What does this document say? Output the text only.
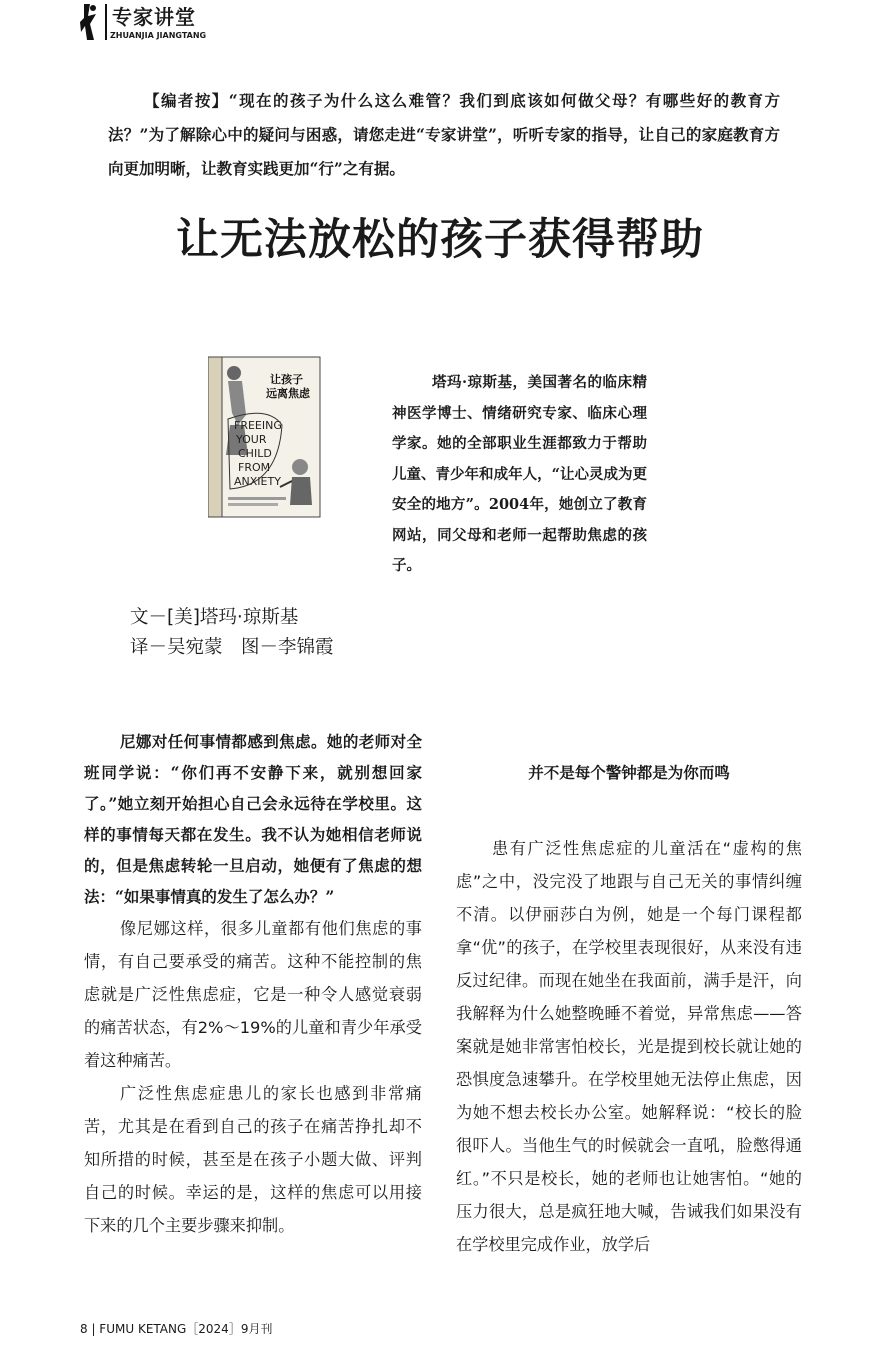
专家讲堂
ZHUANJIA JIANGTANG
【编者按】“现在的孩子为什么这么难管？我们到底该如何做父母？有哪些好的教育方法？”为了解除心中的疑问与困惑，请您走进“专家讲堂”，听听专家的指导，让自己的家庭教育方向更加明晰，让教育实践更加“行”之有据。
让无法放松的孩子获得帮助
让孩子
远离焦虑
FREEING
YOUR
CHILD
FROM
ANXIETY
塔玛·琼斯基，美国著名的临床精神医学博士、情绪研究专家、临床心理学家。她的全部职业生涯都致力于帮助儿童、青少年和成年人，“让心灵成为更安全的地方”。2004年，她创立了教育网站，同父母和老师一起帮助焦虑的孩子。
文－[美]塔玛·琼斯基
译－吴宛蒙　图－李锦霞

尼娜对任何事情都感到焦虑。她的老师对全班同学说：“你们再不安静下来，就别想回家了。”她立刻开始担心自己会永远待在学校里。这样的事情每天都在发生。我不认为她相信老师说的，但是焦虑转轮一旦启动，她便有了焦虑的想法：“如果事情真的发生了怎么办？”

像尼娜这样，很多儿童都有他们焦虑的事情，有自己要承受的痛苦。这种不能控制的焦虑就是广泛性焦虑症，它是一种令人感觉衰弱的痛苦状态，有2%～19%的儿童和青少年承受着这种痛苦。

广泛性焦虑症患儿的家长也感到非常痛苦，尤其是在看到自己的孩子在痛苦挣扎却不知所措的时候，甚至是在孩子小题大做、评判自己的时候。幸运的是，这样的焦虑可以用接下来的几个主要步骤来抑制。

并不是每个警钟都是为你而鸣

患有广泛性焦虑症的儿童活在“虚构的焦虑”之中，没完没了地跟与自己无关的事情纠缠不清。以伊丽莎白为例，她是一个每门课程都拿“优”的孩子，在学校里表现很好，从来没有违反过纪律。而现在她坐在我面前，满手是汗，向我解释为什么她整晚睡不着觉，异常焦虑——答案就是她非常害怕校长，光是提到校长就让她的恐惧度急速攀升。在学校里她无法停止焦虑，因为她不想去校长办公室。她解释说：“校长的脸很吓人。当他生气的时候就会一直吼，脸憋得通红。”不只是校长，她的老师也让她害怕。“她的压力很大，总是疯狂地大喊，告诫我们如果没有在学校里完成作业，放学后

8 | FUMU KETANG［2024］9月刊
